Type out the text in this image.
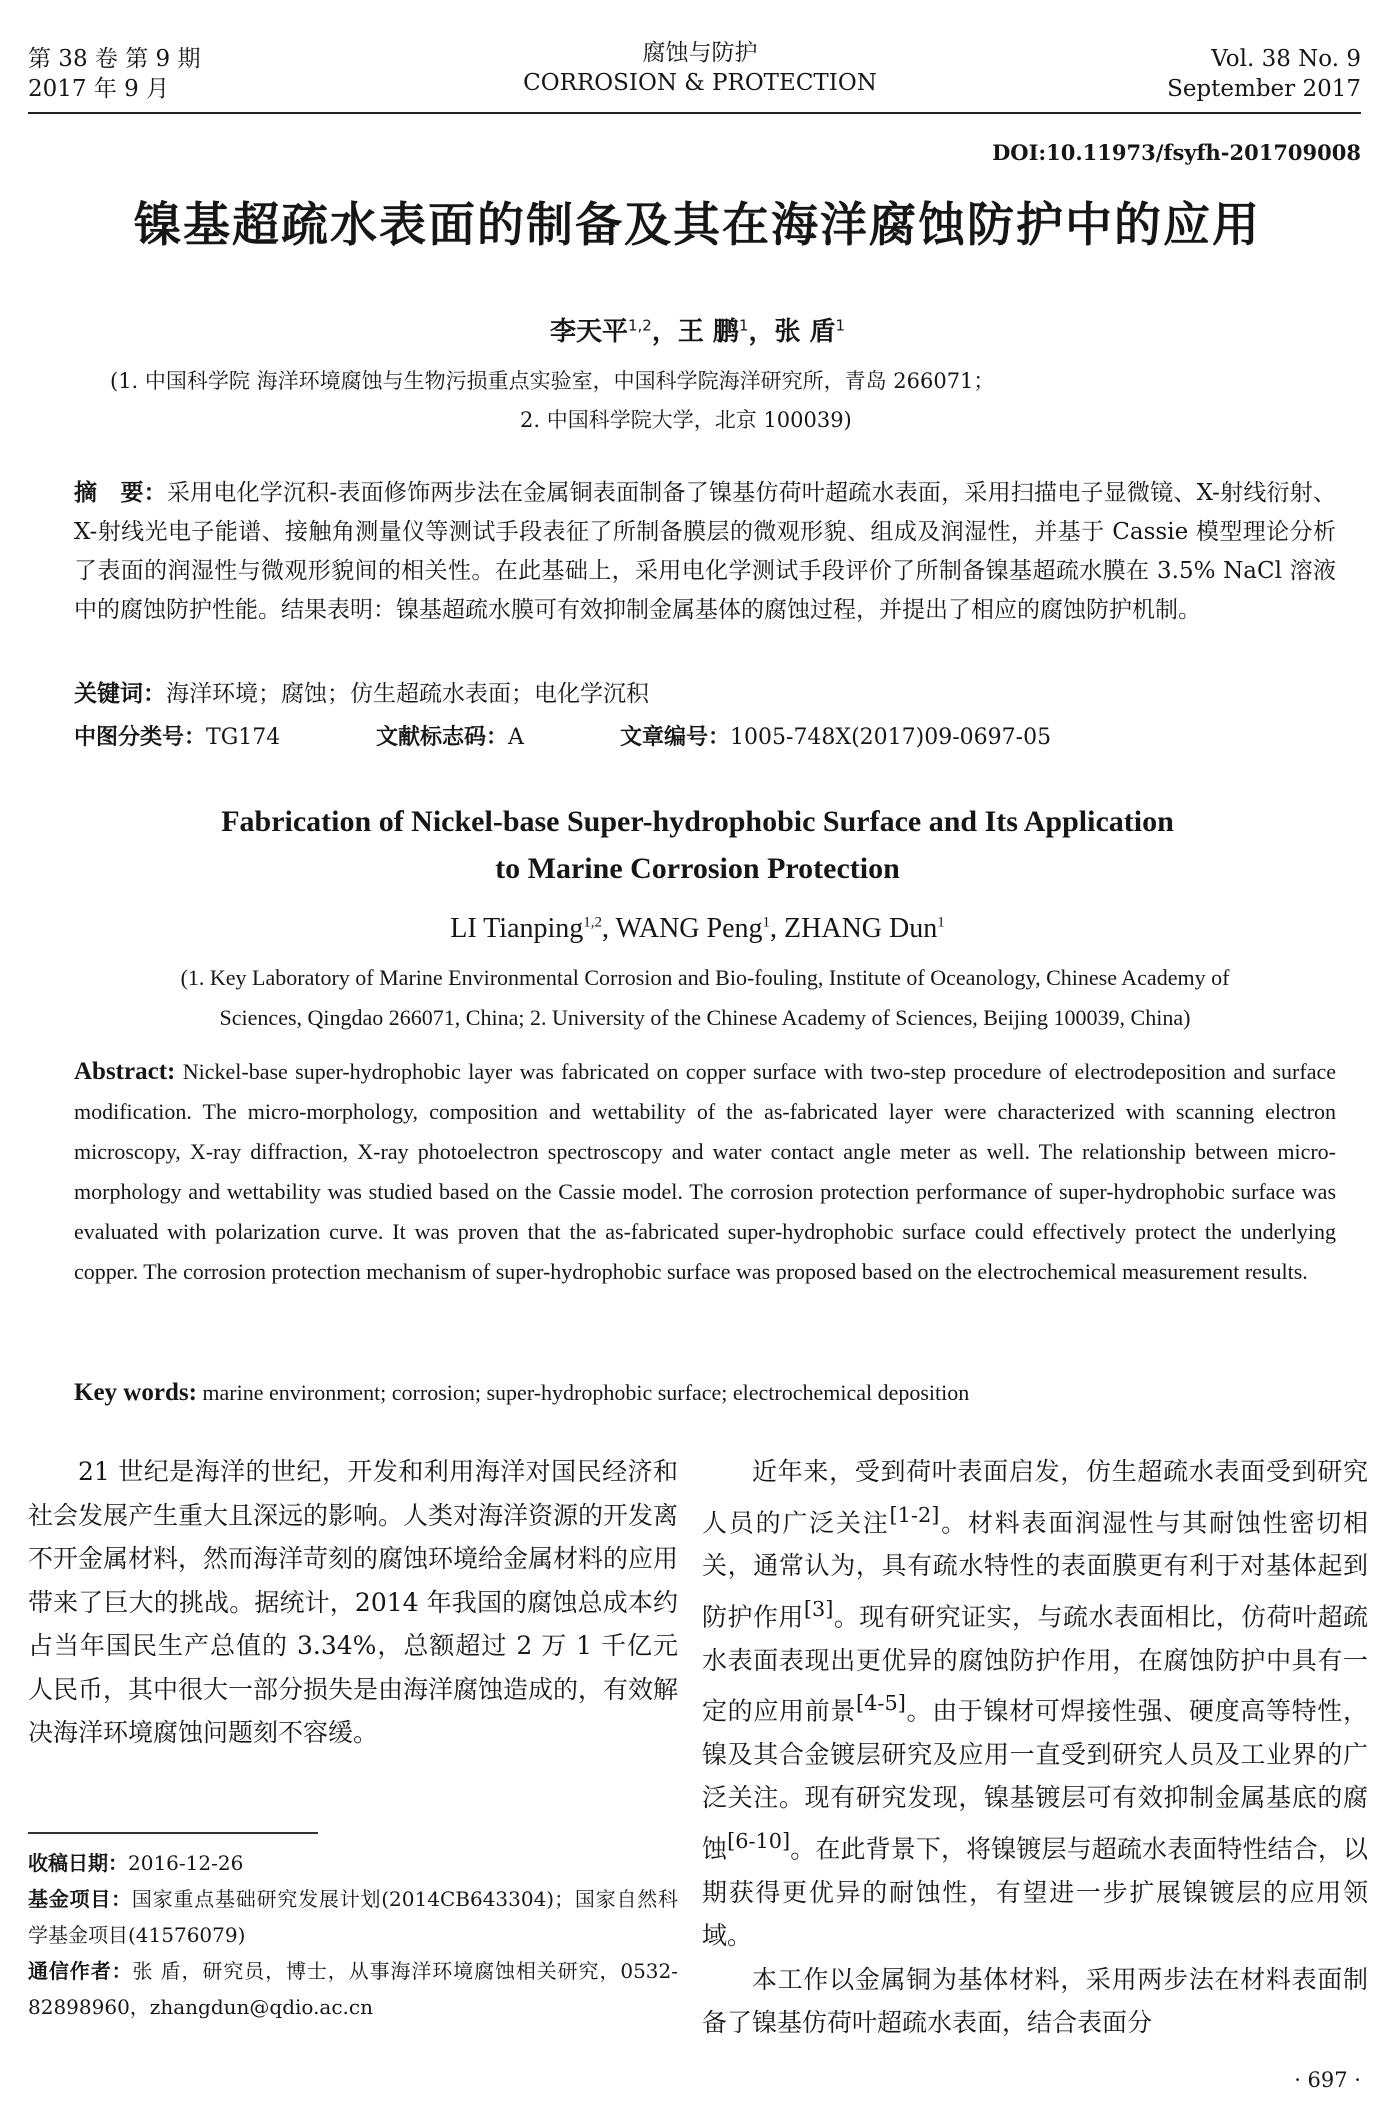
第 38 卷 第 9 期
2017 年 9 月
腐蚀与防护
CORROSION & PROTECTION
Vol. 38 No. 9
September 2017
DOI:10.11973/fsyfh-201709008
镍基超疏水表面的制备及其在海洋腐蚀防护中的应用
李天平$^{1,2}$，王 鹏$^1$，张 盾$^1$
(1. 中国科学院 海洋环境腐蚀与生物污损重点实验室，中国科学院海洋研究所，青岛 266071；
2. 中国科学院大学，北京 100039)
摘　要：采用电化学沉积-表面修饰两步法在金属铜表面制备了镍基仿荷叶超疏水表面，采用扫描电子显微镜、X-射线衍射、X-射线光电子能谱、接触角测量仪等测试手段表征了所制备膜层的微观形貌、组成及润湿性，并基于 Cassie 模型理论分析了表面的润湿性与微观形貌间的相关性。在此基础上，采用电化学测试手段评价了所制备镍基超疏水膜在 3.5% NaCl 溶液中的腐蚀防护性能。结果表明：镍基超疏水膜可有效抑制金属基体的腐蚀过程，并提出了相应的腐蚀防护机制。
关键词：海洋环境；腐蚀；仿生超疏水表面；电化学沉积
中图分类号：TG174	文献标志码：A	文章编号：1005-748X(2017)09-0697-05
Fabrication of Nickel-base Super-hydrophobic Surface and Its Application
to Marine Corrosion Protection
LI Tianping$^{1,2}$, WANG Peng$^1$, ZHANG Dun$^1$
(1. Key Laboratory of Marine Environmental Corrosion and Bio-fouling, Institute of Oceanology, Chinese Academy of
Sciences, Qingdao 266071, China; 2. University of the Chinese Academy of Sciences, Beijing 100039, China)
Abstract: Nickel-base super-hydrophobic layer was fabricated on copper surface with two-step procedure of electrodeposition and surface modification. The micro-morphology, composition and wettability of the as-fabricated layer were characterized with scanning electron microscopy, X-ray diffraction, X-ray photoelectron spectroscopy and water contact angle meter as well. The relationship between micro-morphology and wettability was studied based on the Cassie model. The corrosion protection performance of super-hydrophobic surface was evaluated with polarization curve. It was proven that the as-fabricated super-hydrophobic surface could effectively protect the underlying copper. The corrosion protection mechanism of super-hydrophobic surface was proposed based on the electrochemical measurement results.
Key words: marine environment; corrosion; super-hydrophobic surface; electrochemical deposition

21 世纪是海洋的世纪，开发和利用海洋对国民经济和社会发展产生重大且深远的影响。人类对海洋资源的开发离不开金属材料，然而海洋苛刻的腐蚀环境给金属材料的应用带来了巨大的挑战。据统计，2014 年我国的腐蚀总成本约占当年国民生产总值的 3.34%，总额超过 2 万 1 千亿元人民币，其中很大一部分损失是由海洋腐蚀造成的，有效解决海洋环境腐蚀问题刻不容缓。

近年来，受到荷叶表面启发，仿生超疏水表面受到研究人员的广泛关注[1-2]。材料表面润湿性与其耐蚀性密切相关，通常认为，具有疏水特性的表面膜更有利于对基体起到防护作用[3]。现有研究证实，与疏水表面相比，仿荷叶超疏水表面表现出更优异的腐蚀防护作用，在腐蚀防护中具有一定的应用前景[4-5]。由于镍材可焊接性强、硬度高等特性，镍及其合金镀层研究及应用一直受到研究人员及工业界的广泛关注。现有研究发现，镍基镀层可有效抑制金属基底的腐蚀[6-10]。在此背景下，将镍镀层与超疏水表面特性结合，以期获得更优异的耐蚀性，有望进一步扩展镍镀层的应用领域。

本工作以金属铜为基体材料，采用两步法在材料表面制备了镍基仿荷叶超疏水表面，结合表面分

收稿日期：2016-12-26
基金项目：国家重点基础研究发展计划(2014CB643304)；国家自然科学基金项目(41576079)
通信作者：张 盾，研究员，博士，从事海洋环境腐蚀相关研究，0532-82898960，zhangdun@qdio.ac.cn
· 697 ·
